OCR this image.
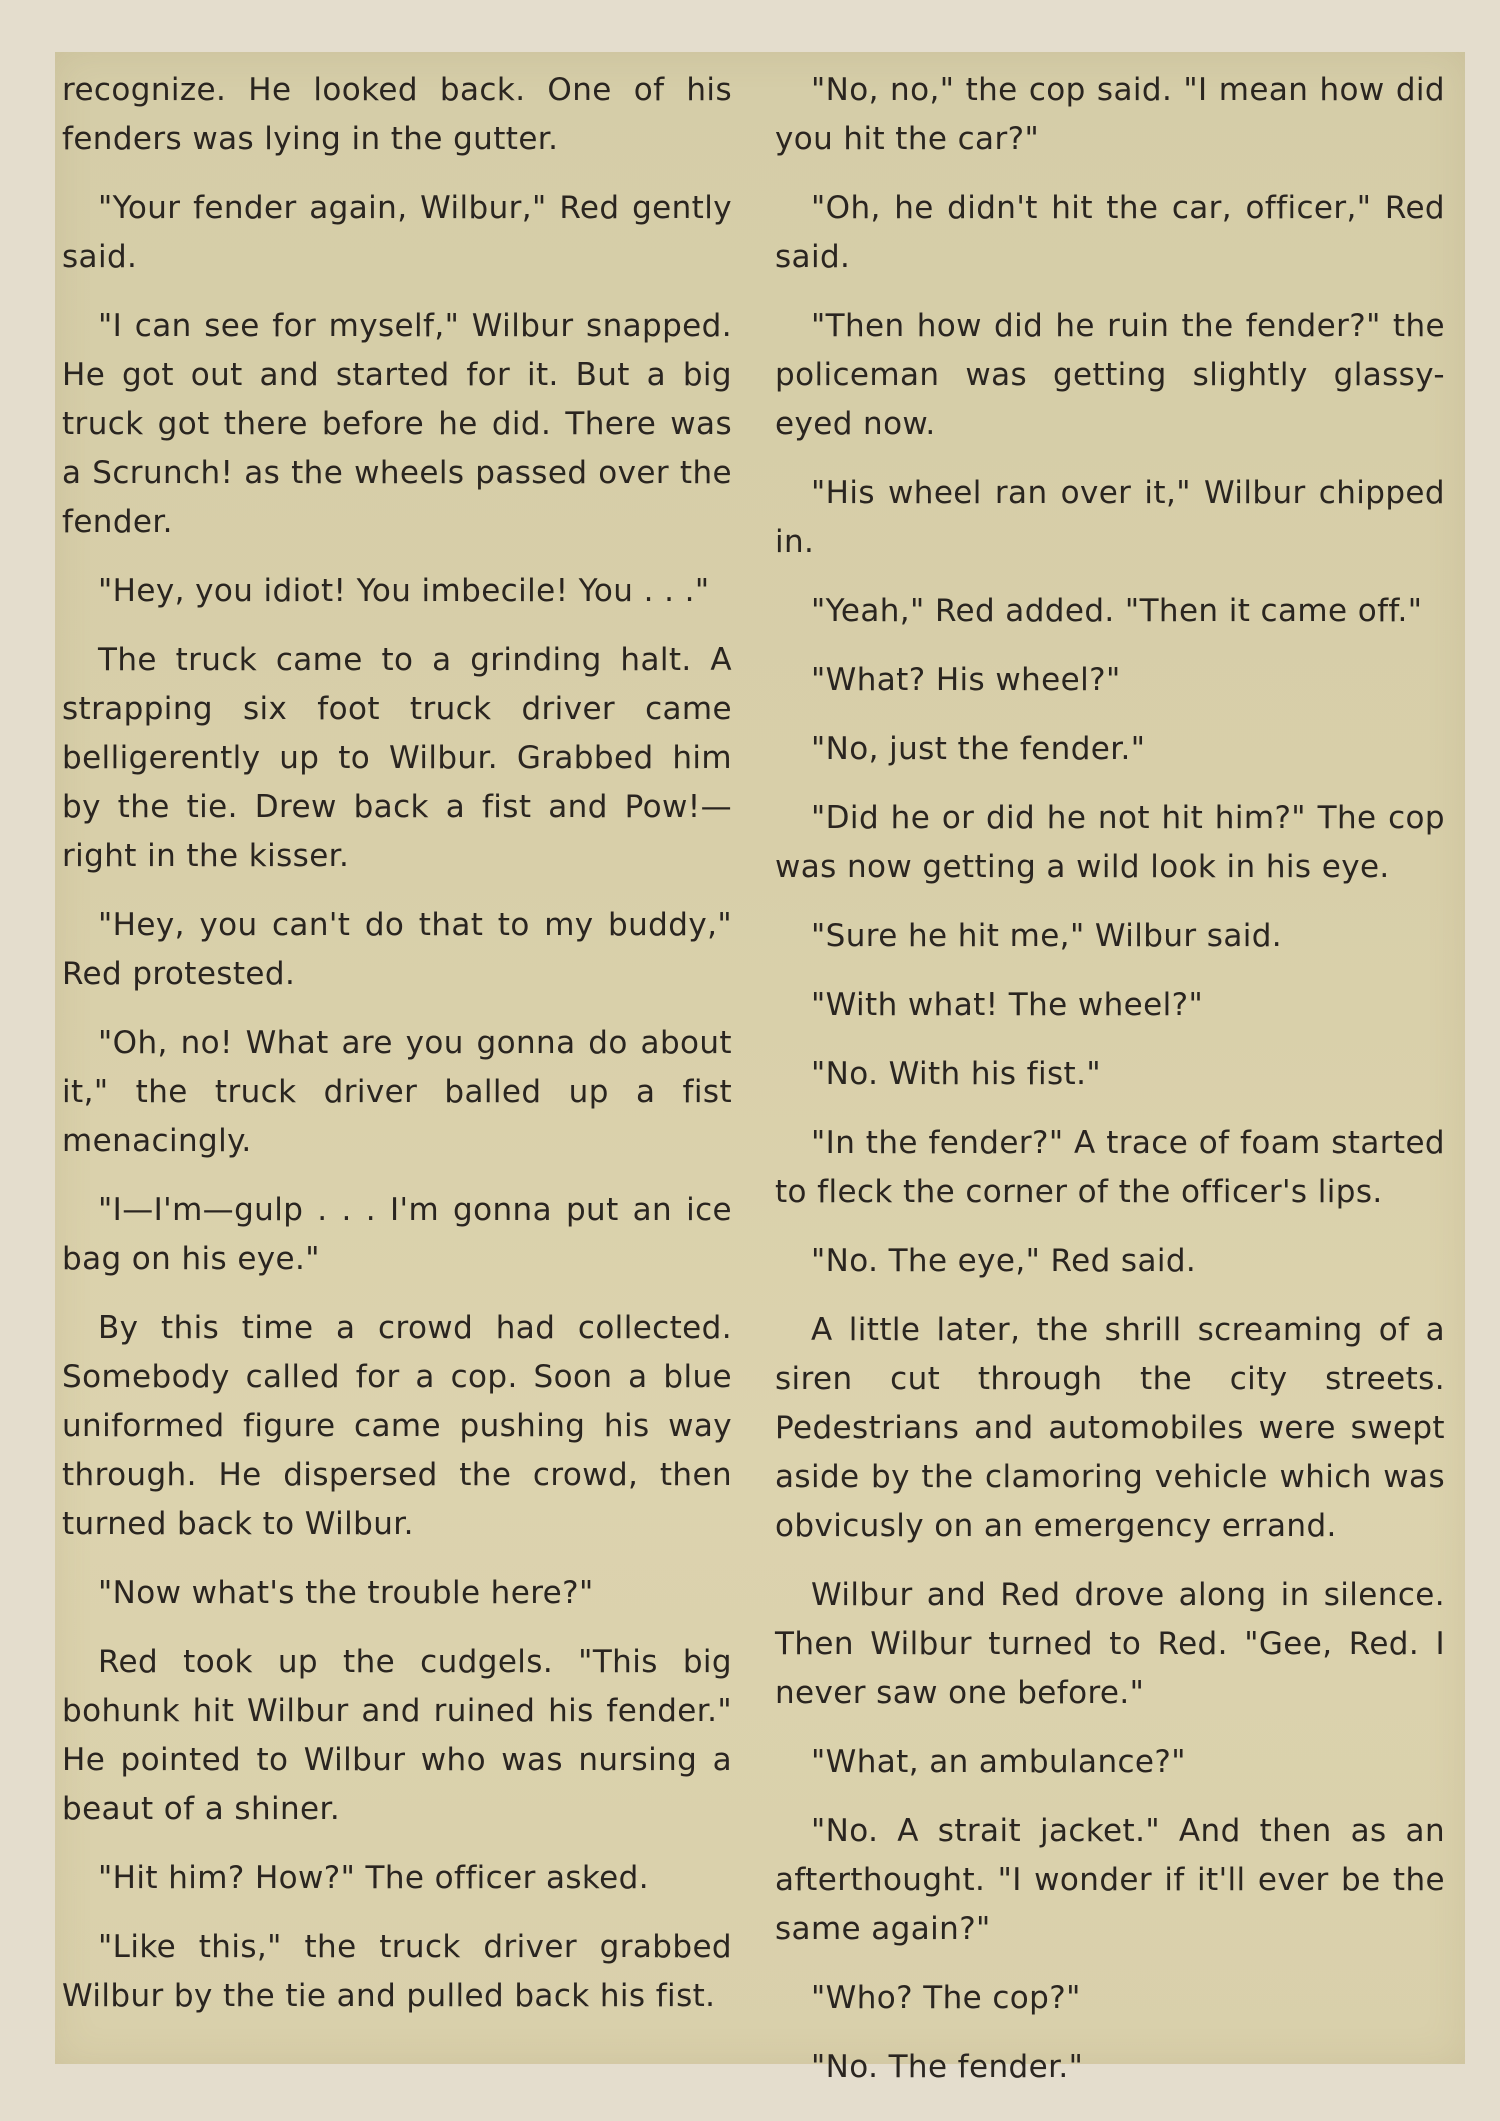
recognize. He looked back. One of his fenders was lying in the gutter.

"Your fender again, Wilbur," Red gently said.

"I can see for myself," Wilbur snapped. He got out and started for it. But a big truck got there before he did. There was a Scrunch! as the wheels passed over the fender.

"Hey, you idiot! You imbecile! You . . ."

The truck came to a grinding halt. A strapping six foot truck driver came belligerently up to Wilbur. Grabbed him by the tie. Drew back a fist and Pow!—right in the kisser.

"Hey, you can't do that to my buddy," Red protested.

"Oh, no! What are you gonna do about it," the truck driver balled up a fist menacingly.

"I—I'm—gulp . . . I'm gonna put an ice bag on his eye."

By this time a crowd had collected. Somebody called for a cop. Soon a blue uniformed figure came pushing his way through. He dispersed the crowd, then turned back to Wilbur.

"Now what's the trouble here?"

Red took up the cudgels. "This big bohunk hit Wilbur and ruined his fender." He pointed to Wilbur who was nursing a beaut of a shiner.

"Hit him? How?" The officer asked.

"Like this," the truck driver grabbed Wilbur by the tie and pulled back his fist.

"No, no," the cop said. "I mean how did you hit the car?"

"Oh, he didn't hit the car, officer," Red said.

"Then how did he ruin the fender?" the policeman was getting slightly glassy-eyed now.

"His wheel ran over it," Wilbur chipped in.

"Yeah," Red added. "Then it came off."

"What? His wheel?"

"No, just the fender."

"Did he or did he not hit him?" The cop was now getting a wild look in his eye.

"Sure he hit me," Wilbur said.

"With what! The wheel?"

"No. With his fist."

"In the fender?" A trace of foam started to fleck the corner of the officer's lips.

"No. The eye," Red said.

A little later, the shrill screaming of a siren cut through the city streets. Pedestrians and automobiles were swept aside by the clamoring vehicle which was obvicusly on an emergency errand.

Wilbur and Red drove along in silence. Then Wilbur turned to Red. "Gee, Red. I never saw one before."

"What, an ambulance?"

"No. A strait jacket." And then as an afterthought. "I wonder if it'll ever be the same again?"

"Who? The cop?"

"No. The fender."
